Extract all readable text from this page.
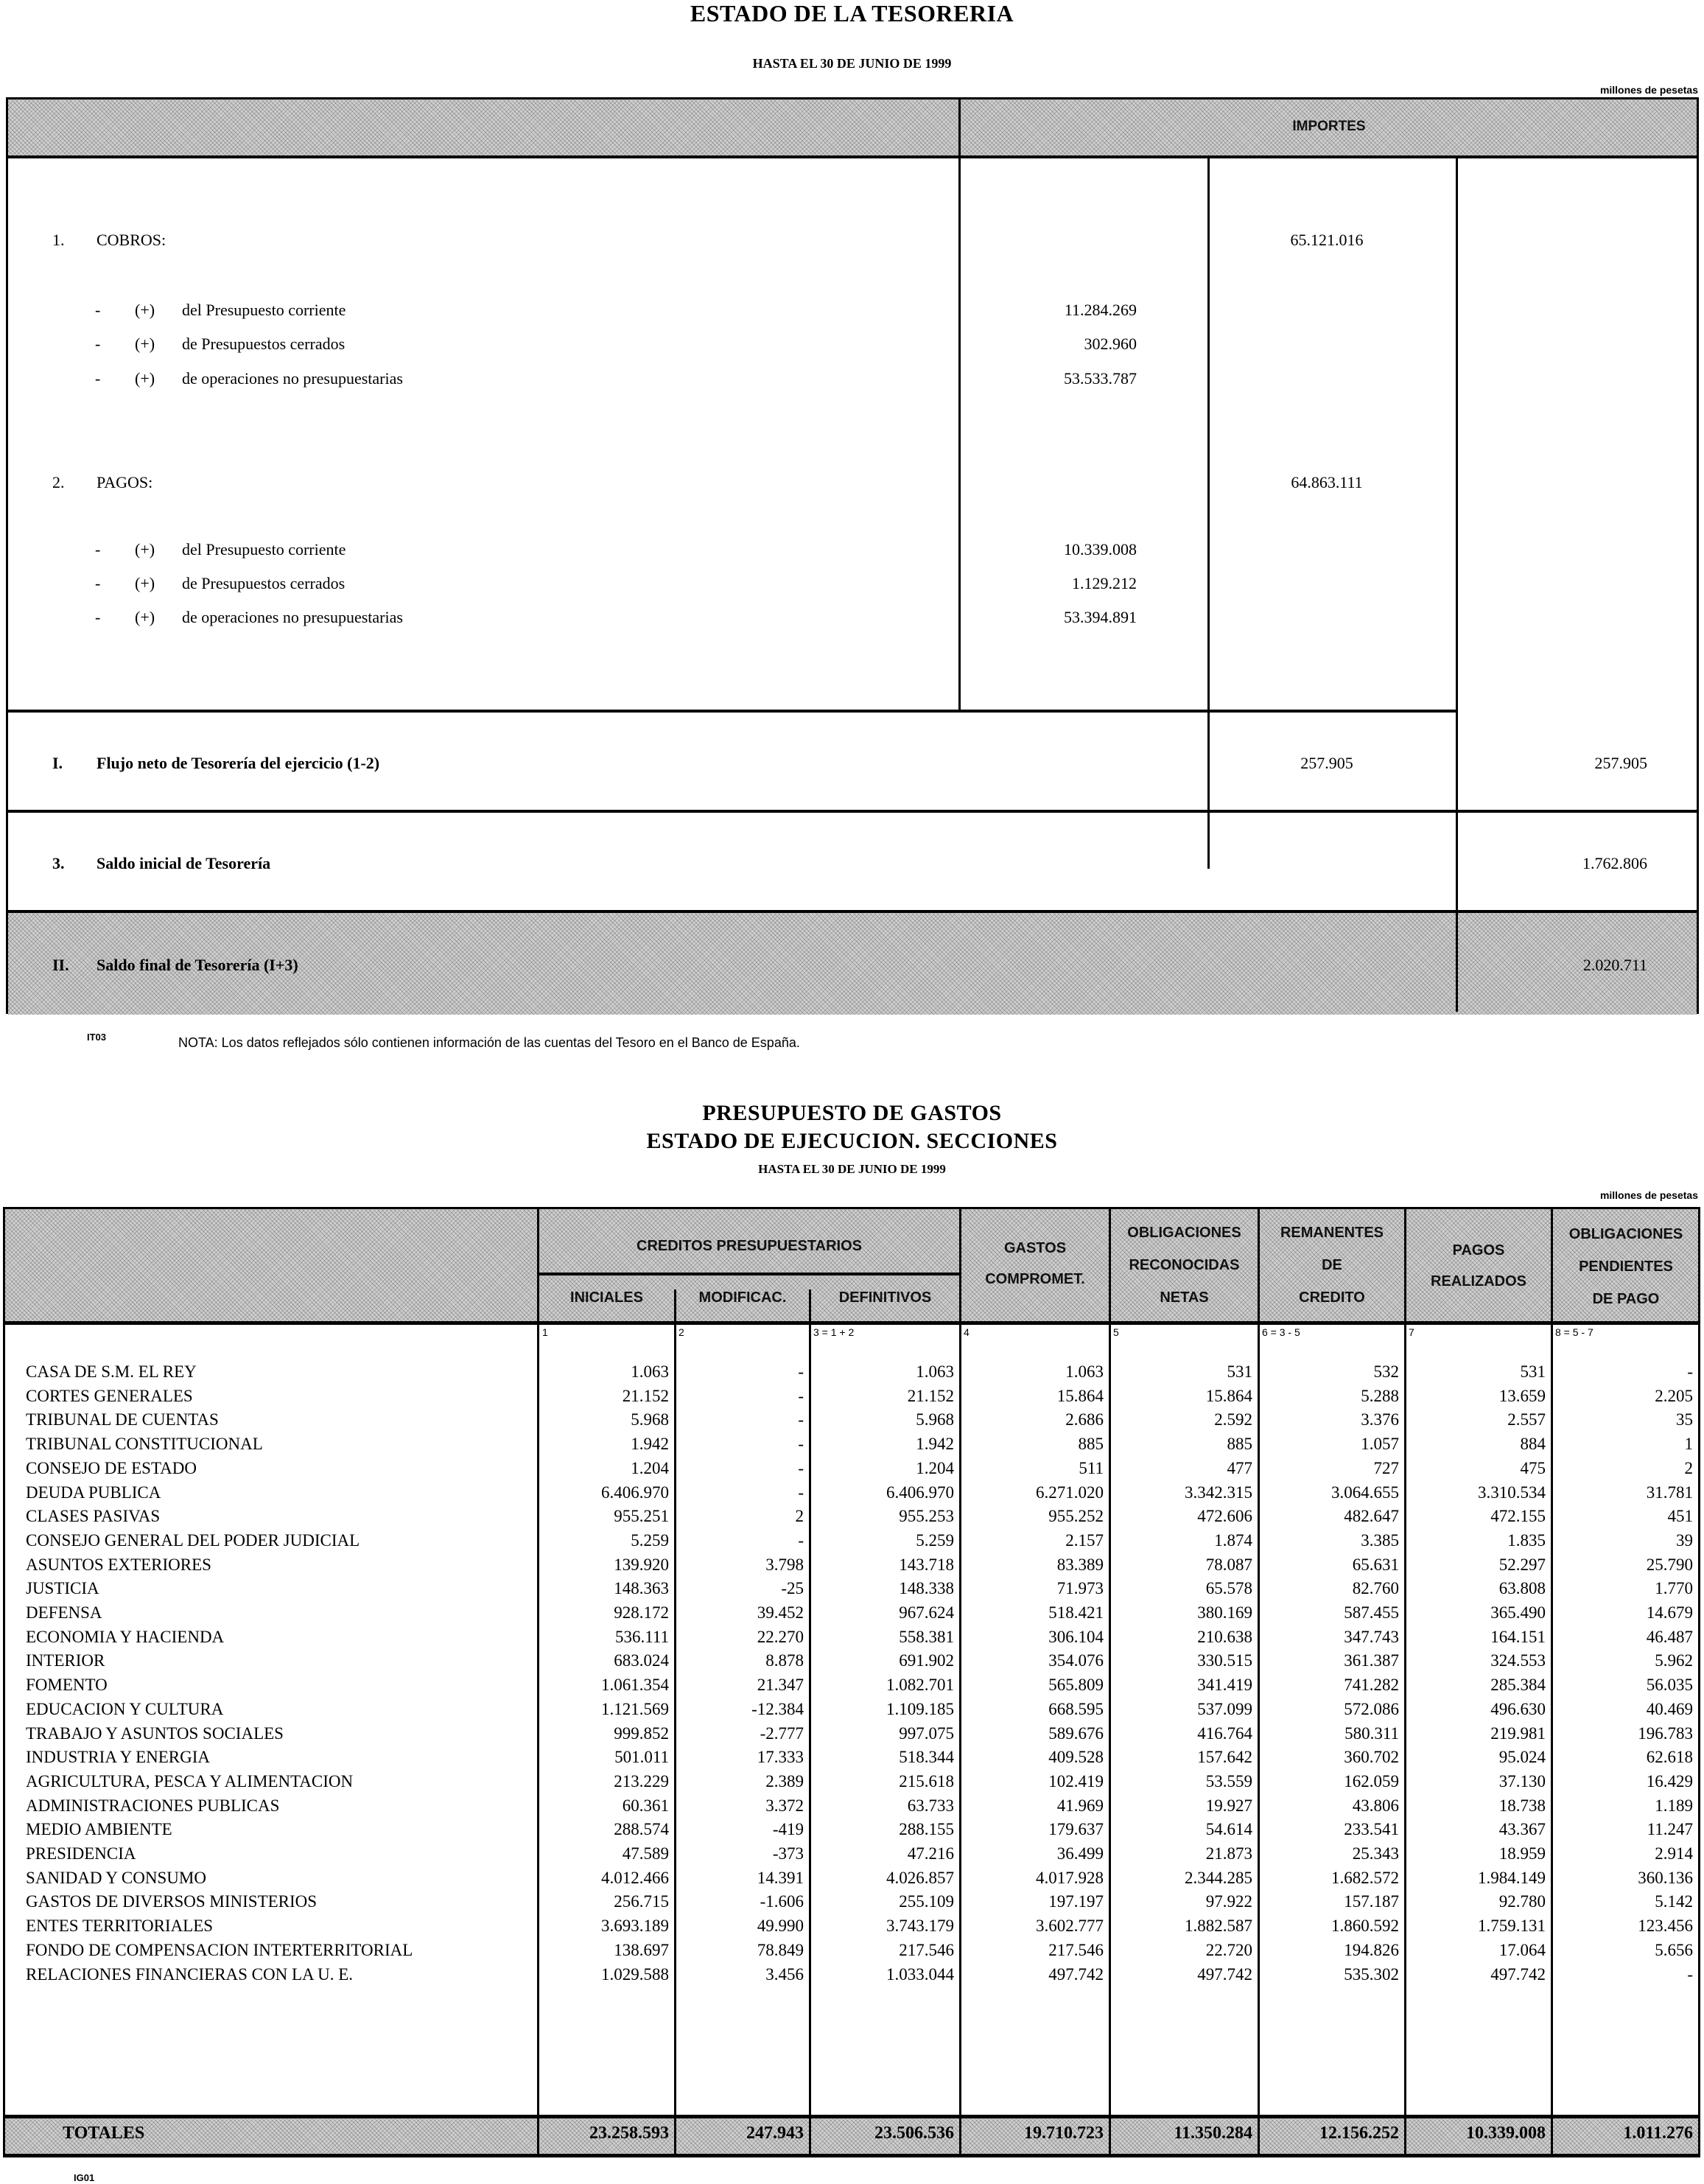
ESTADO DE LA TESORERIA
HASTA EL 30 DE JUNIO DE 1999
millones de pesetas
IMPORTES
1. COBROS:	65.121.016
- (+) del Presupuesto corriente	11.284.269
- (+) de Presupuestos cerrados	302.960
- (+) de operaciones no presupuestarias	53.533.787
2. PAGOS:	64.863.111
- (+) del Presupuesto corriente	10.339.008
- (+) de Presupuestos cerrados	1.129.212
- (+) de operaciones no presupuestarias	53.394.891
I. Flujo neto de Tesorería del ejercicio (1-2)	257.905	257.905
3. Saldo inicial de Tesorería	1.762.806
II. Saldo final de Tesorería (I+3)	2.020.711
IT03	NOTA: Los datos reflejados sólo contienen información de las cuentas del Tesoro en el Banco de España.
PRESUPUESTO DE GASTOS
ESTADO DE EJECUCION. SECCIONES
HASTA EL 30 DE JUNIO DE 1999
millones de pesetas
CREDITOS PRESUPUESTARIOS
INICIALES	MODIFICAC.	DEFINITIVOS
GASTOS
COMPROMET.
OBLIGACIONES
RECONOCIDAS
NETAS
REMANENTES
DE
CREDITO
PAGOS
REALIZADOS
OBLIGACIONES
PENDIENTES
DE PAGO
1	2	3 = 1 + 2	4	5	6 = 3 - 5	7	8 = 5 - 7
CASA DE S.M. EL REY	1.063	-	1.063	1.063	531	532	531	-
CORTES GENERALES	21.152	-	21.152	15.864	15.864	5.288	13.659	2.205
TRIBUNAL DE CUENTAS	5.968	-	5.968	2.686	2.592	3.376	2.557	35
TRIBUNAL CONSTITUCIONAL	1.942	-	1.942	885	885	1.057	884	1
CONSEJO DE ESTADO	1.204	-	1.204	511	477	727	475	2
DEUDA PUBLICA	6.406.970	-	6.406.970	6.271.020	3.342.315	3.064.655	3.310.534	31.781
CLASES PASIVAS	955.251	2	955.253	955.252	472.606	482.647	472.155	451
CONSEJO GENERAL DEL PODER JUDICIAL	5.259	-	5.259	2.157	1.874	3.385	1.835	39
ASUNTOS EXTERIORES	139.920	3.798	143.718	83.389	78.087	65.631	52.297	25.790
JUSTICIA	148.363	-25	148.338	71.973	65.578	82.760	63.808	1.770
DEFENSA	928.172	39.452	967.624	518.421	380.169	587.455	365.490	14.679
ECONOMIA Y HACIENDA	536.111	22.270	558.381	306.104	210.638	347.743	164.151	46.487
INTERIOR	683.024	8.878	691.902	354.076	330.515	361.387	324.553	5.962
FOMENTO	1.061.354	21.347	1.082.701	565.809	341.419	741.282	285.384	56.035
EDUCACION Y CULTURA	1.121.569	-12.384	1.109.185	668.595	537.099	572.086	496.630	40.469
TRABAJO Y ASUNTOS SOCIALES	999.852	-2.777	997.075	589.676	416.764	580.311	219.981	196.783
INDUSTRIA Y ENERGIA	501.011	17.333	518.344	409.528	157.642	360.702	95.024	62.618
AGRICULTURA, PESCA Y ALIMENTACION	213.229	2.389	215.618	102.419	53.559	162.059	37.130	16.429
ADMINISTRACIONES PUBLICAS	60.361	3.372	63.733	41.969	19.927	43.806	18.738	1.189
MEDIO AMBIENTE	288.574	-419	288.155	179.637	54.614	233.541	43.367	11.247
PRESIDENCIA	47.589	-373	47.216	36.499	21.873	25.343	18.959	2.914
SANIDAD Y CONSUMO	4.012.466	14.391	4.026.857	4.017.928	2.344.285	1.682.572	1.984.149	360.136
GASTOS DE DIVERSOS MINISTERIOS	256.715	-1.606	255.109	197.197	97.922	157.187	92.780	5.142
ENTES TERRITORIALES	3.693.189	49.990	3.743.179	3.602.777	1.882.587	1.860.592	1.759.131	123.456
FONDO DE COMPENSACION INTERTERRITORIAL	138.697	78.849	217.546	217.546	22.720	194.826	17.064	5.656
RELACIONES FINANCIERAS CON LA U. E.	1.029.588	3.456	1.033.044	497.742	497.742	535.302	497.742	-
TOTALES	23.258.593	247.943	23.506.536	19.710.723	11.350.284	12.156.252	10.339.008	1.011.276
IG01
